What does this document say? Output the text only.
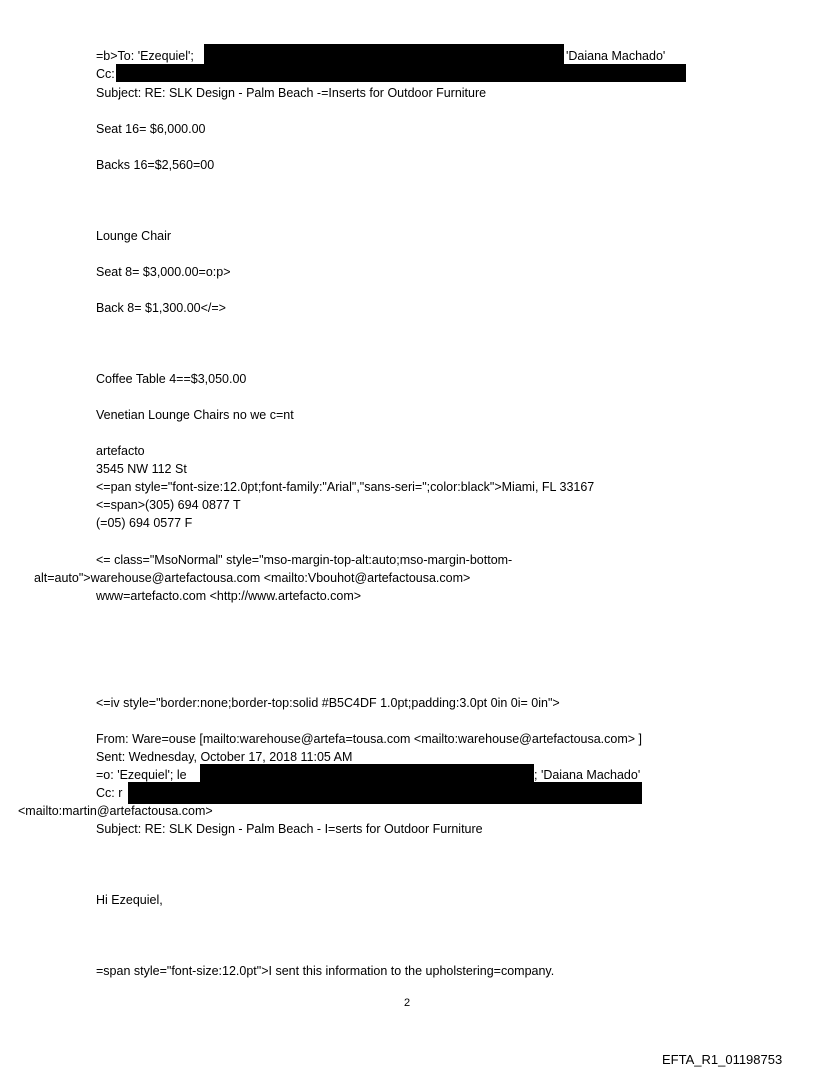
=b>To: 'Ezequiel';	'Daiana Machado'
Cc:
Subject: RE: SLK Design - Palm Beach -=Inserts for Outdoor Furniture
Seat 16= $6,000.00
Backs 16=$2,560=00
Lounge Chair
Seat 8= $3,000.00=o:p>
Back 8= $1,300.00</=>
Coffee Table 4==$3,050.00
Venetian Lounge Chairs no we c=nt
artefacto
3545 NW 112 St
<=pan style="font-size:12.0pt;font-family:"Arial","sans-seri=";color:black">Miami, FL 33167
<=span>(305) 694 0877 T
(=05) 694 0577 F
<= class="MsoNormal" style="mso-margin-top-alt:auto;mso-margin-bottom-
alt=auto">warehouse@artefactousa.com <mailto:Vbouhot@artefactousa.com>
www=artefacto.com <http://www.artefacto.com>
<=iv style="border:none;border-top:solid #B5C4DF 1.0pt;padding:3.0pt 0in 0i= 0in">
From: Ware=ouse [mailto:warehouse@artefa=tousa.com <mailto:warehouse@artefactousa.com> ]
Sent: Wednesday, October 17, 2018 11:05 AM
=o: 'Ezequiel'; le	; 'Daiana Machado'
Cc: r
<mailto:martin@artefactousa.com>
Subject: RE: SLK Design - Palm Beach - I=serts for Outdoor Furniture
Hi Ezequiel,
=span style="font-size:12.0pt">I sent this information to the upholstering=company.
2
EFTA_R1_01198753
